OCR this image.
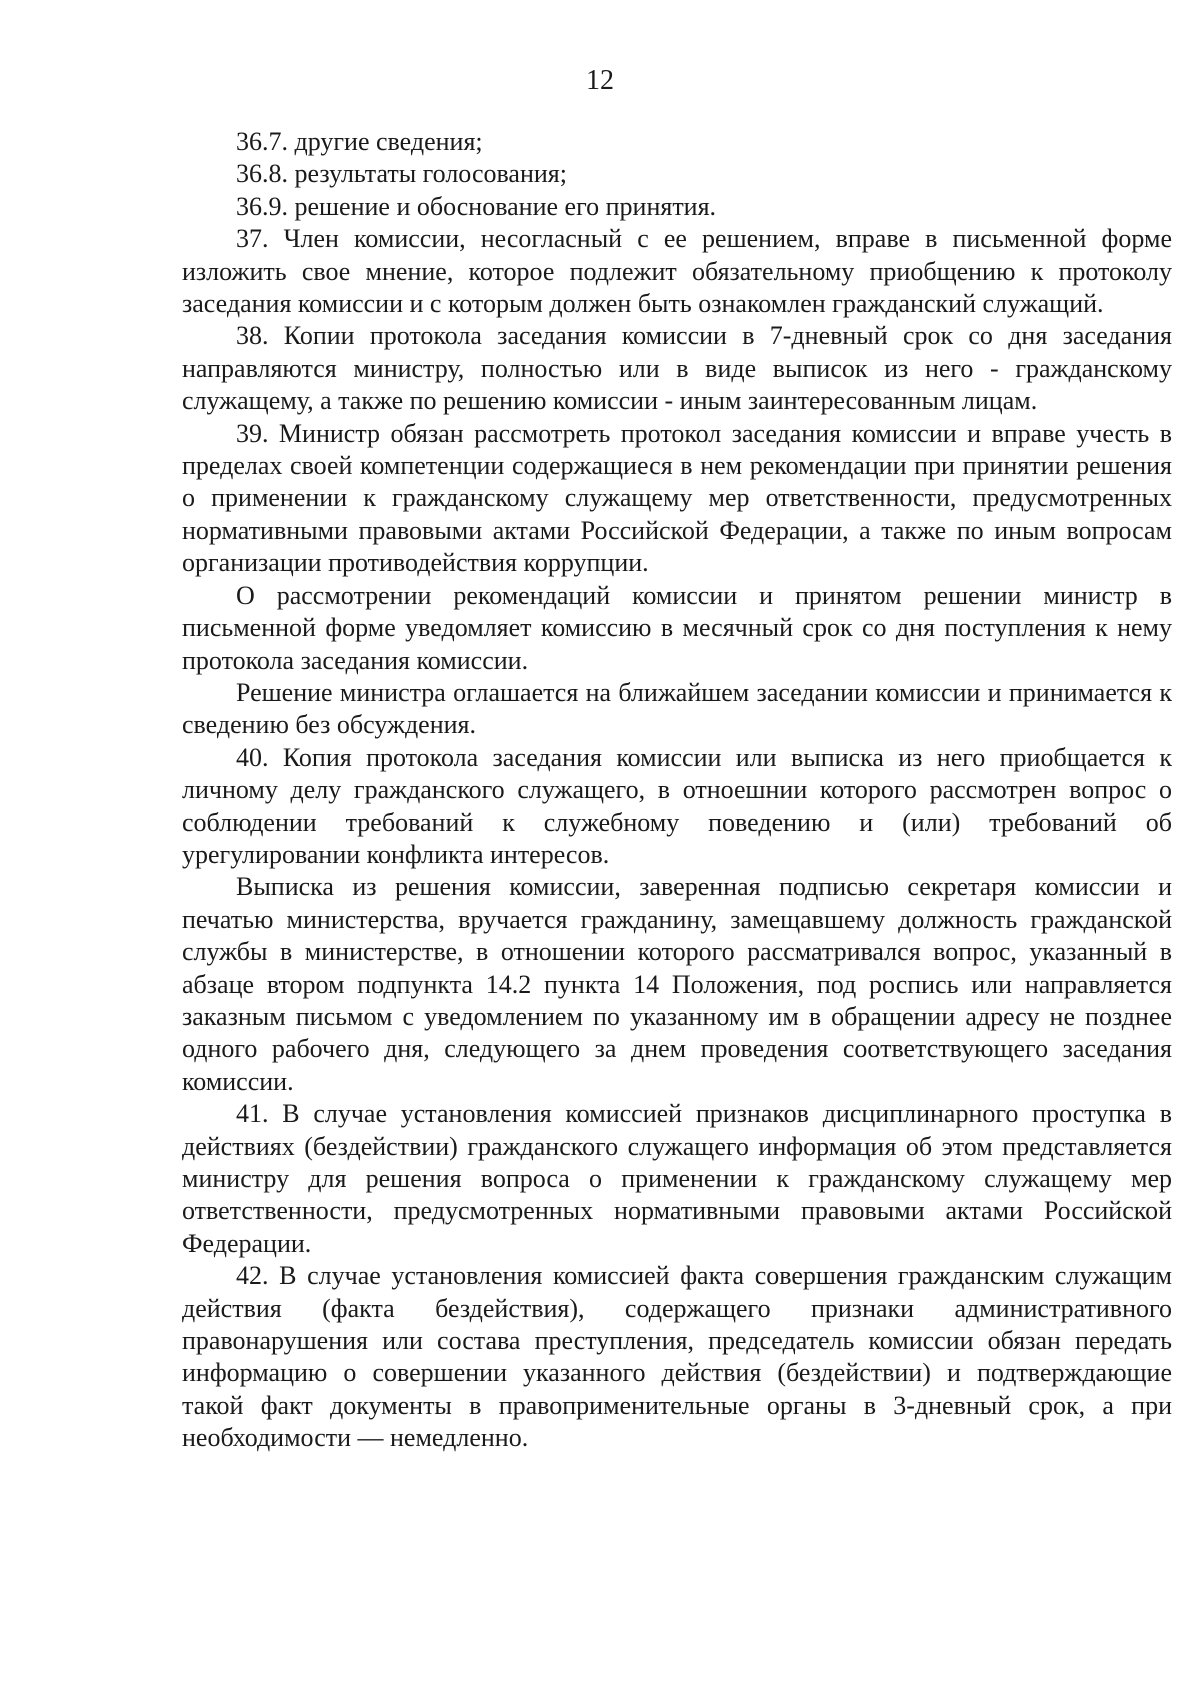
12

36.7. другие сведения;

36.8. результаты голосования;

36.9. решение и обоснование его принятия.

37. Член комиссии, несогласный с ее решением, вправе в письменной форме изложить свое мнение, которое подлежит обязательному приобщению к протоколу заседания комиссии и с которым должен быть ознакомлен гражданский служащий.

38. Копии протокола заседания комиссии в 7-дневный срок со дня заседания направляются министру, полностью или в виде выписок из него - гражданскому служащему, а также по решению комиссии - иным заинтересованным лицам.

39. Министр обязан рассмотреть протокол заседания комиссии и вправе учесть в пределах своей компетенции содержащиеся в нем рекомендации при принятии решения о применении к гражданскому служащему мер ответственности, предусмотренных нормативными правовыми актами Российской Федерации, а также по иным вопросам организации противодействия коррупции.

О рассмотрении рекомендаций комиссии и принятом решении министр в письменной форме уведомляет комиссию в месячный срок со дня поступления к нему протокола заседания комиссии.

Решение министра оглашается на ближайшем заседании комиссии и принимается к сведению без обсуждения.

40. Копия протокола заседания комиссии или выписка из него приобщается к личному делу гражданского служащего, в отноешнии которого рассмотрен вопрос о соблюдении требований к служебному поведению и (или) требований об урегулировании конфликта интересов.

Выписка из решения комиссии, заверенная подписью секретаря комиссии и печатью министерства, вручается гражданину, замещавшему должность гражданской службы в министерстве, в отношении которого рассматривался вопрос, указанный в абзаце втором подпункта 14.2 пункта 14 Положения, под роспись или направляется заказным письмом с уведомлением по указанному им в обращении адресу не позднее одного рабочего дня, следующего за днем проведения соответствующего заседания комиссии.

41. В случае установления комиссией признаков дисциплинарного проступка в действиях (бездействии) гражданского служащего информация об этом представляется министру для решения вопроса о применении к гражданскому служащему мер ответственности, предусмотренных нормативными правовыми актами Российской Федерации.

42. В случае установления комиссией факта совершения гражданским служащим действия (факта бездействия), содержащего признаки административного правонарушения или состава преступления, председатель комиссии обязан передать информацию о совершении указанного действия (бездействии) и подтверждающие такой факт документы в правоприменительные органы в 3-дневный срок, а при необходимости — немедленно.
